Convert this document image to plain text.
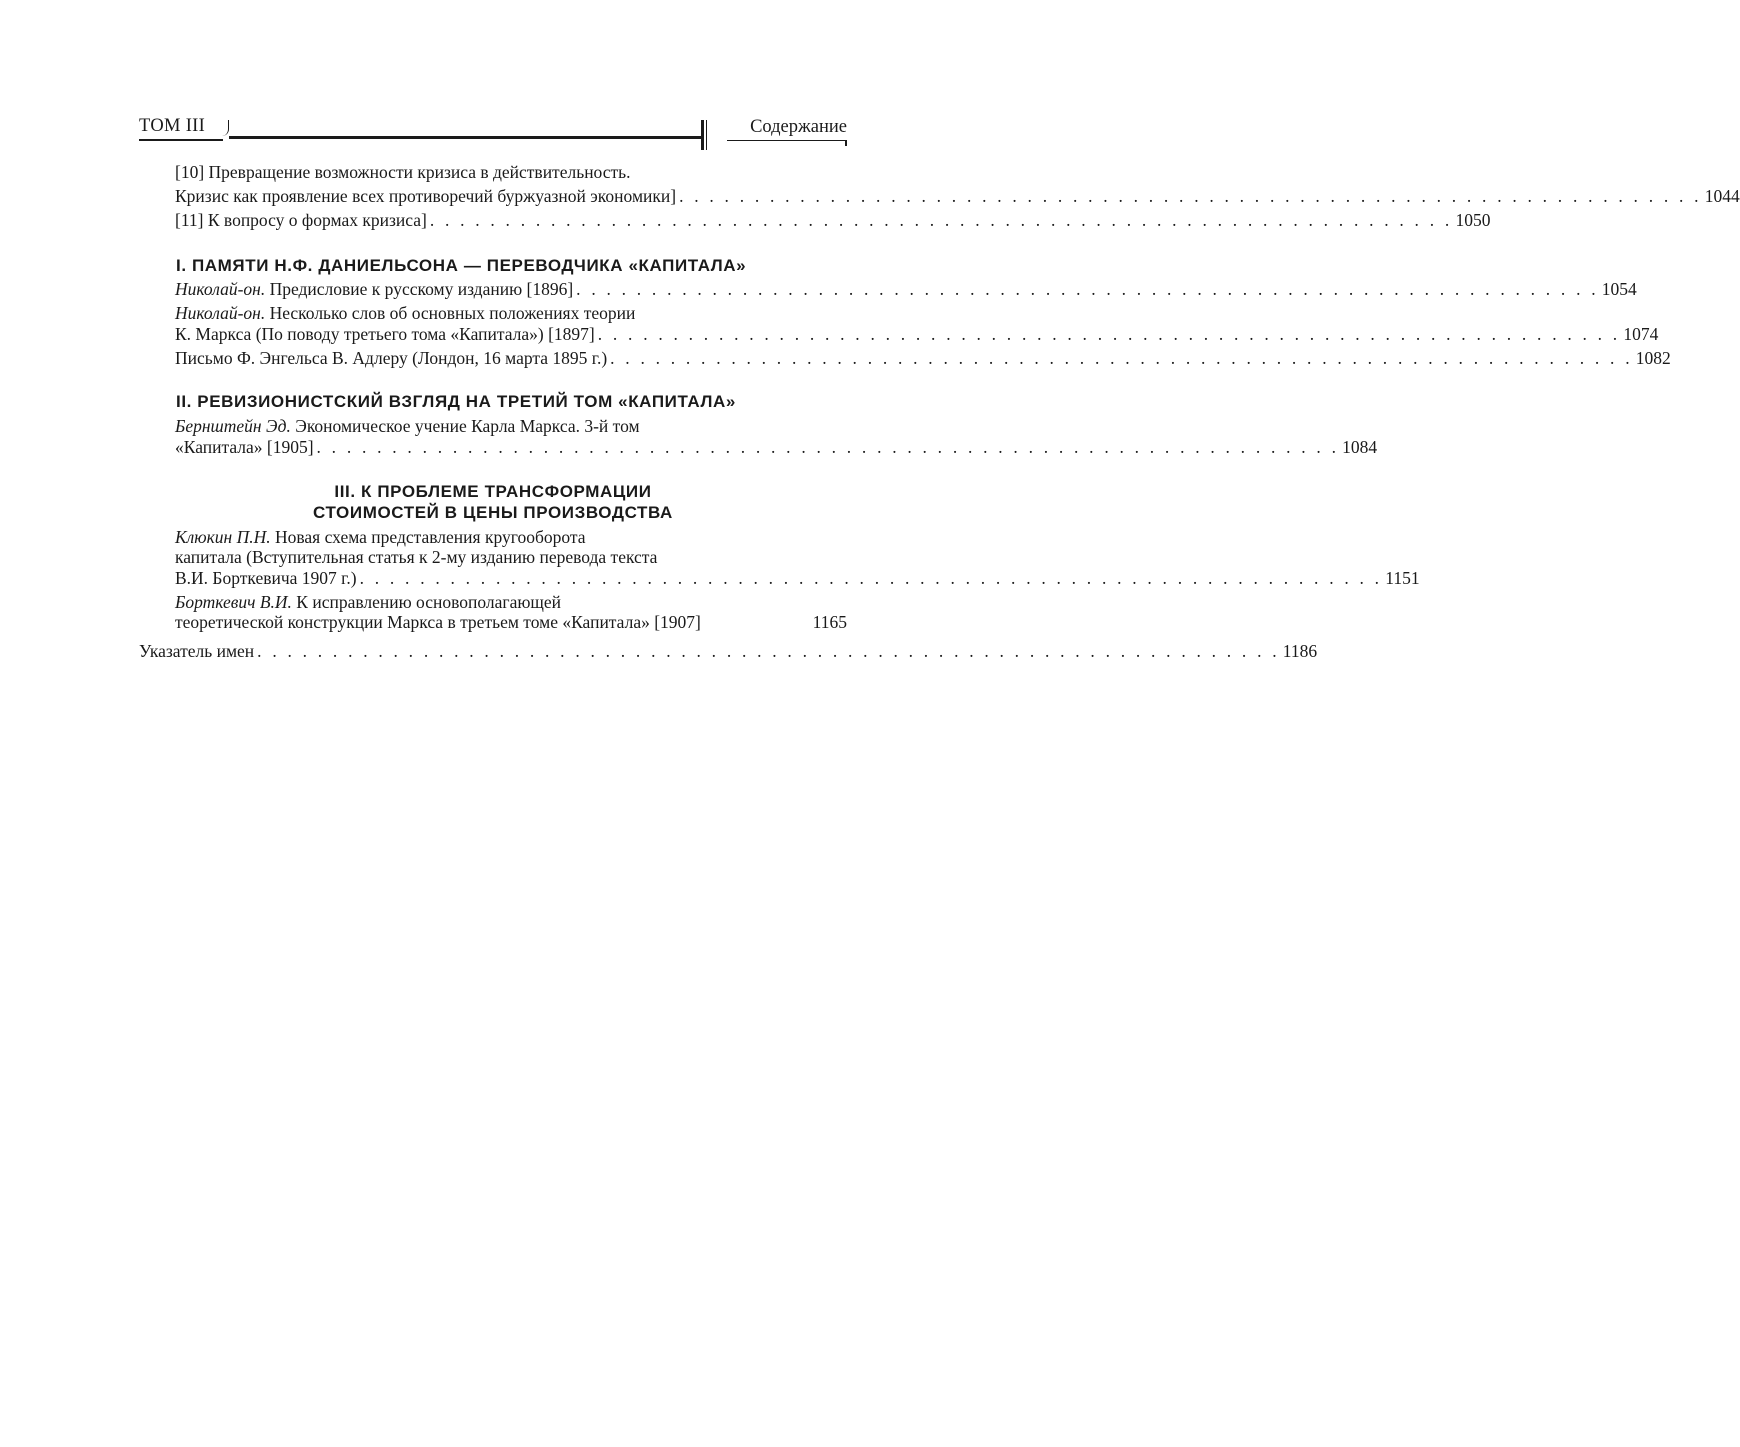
ТОМ III	Содержание
[10] Превращение возможности кризиса в действительность.
Кризис как проявление всех противоречий буржуазной экономики] . . . . . . . . . . . . . . . . . . . . . . . . . . . . . . . . . . . . . . . . . . . . . . . . . . . . . . . . . . . . . . . . . . . . 1044
[11] К вопросу о формах кризиса] . . . . . . . . . . . . . . . . . . . . . . . . . . . . . . . . . . . . . . . . . . . . . . . . . . . . . . . . . . . . . . . . . . . . 1050
I. ПАМЯТИ Н.Ф. ДАНИЕЛЬСОНА — ПЕРЕВОДЧИКА «КАПИТАЛА»
Николай-он. Предисловие к русскому изданию [1896] . . . . . . . . . . . . . . . . . . . . . . . . . . . . . . . . . . . . . . . . . . . . . . . . . . . . . . . . . . . . . . . . . . . . 1054
Николай-он. Несколько слов об основных положениях теории
К. Маркса (По поводу третьего тома «Капитала») [1897] . . . . . . . . . . . . . . . . . . . . . . . . . . . . . . . . . . . . . . . . . . . . . . . . . . . . . . . . . . . . . . . . . . . . 1074
Письмо Ф. Энгельса В. Адлеру (Лондон, 16 марта 1895 г.) . . . . . . . . . . . . . . . . . . . . . . . . . . . . . . . . . . . . . . . . . . . . . . . . . . . . . . . . . . . . . . . . . . . . 1082
II. РЕВИЗИОНИСТСКИЙ ВЗГЛЯД НА ТРЕТИЙ ТОМ «КАПИТАЛА»
Бернштейн Эд. Экономическое учение Карла Маркса. 3-й том
«Капитала» [1905] . . . . . . . . . . . . . . . . . . . . . . . . . . . . . . . . . . . . . . . . . . . . . . . . . . . . . . . . . . . . . . . . . . . . 1084
III. К ПРОБЛЕМЕ ТРАНСФОРМАЦИИ
СТОИМОСТЕЙ В ЦЕНЫ ПРОИЗВОДСТВА
Клюкин П.Н. Новая схема представления кругооборота
капитала (Вступительная статья к 2-му изданию перевода текста
В.И. Борткевича 1907 г.) . . . . . . . . . . . . . . . . . . . . . . . . . . . . . . . . . . . . . . . . . . . . . . . . . . . . . . . . . . . . . . . . . . . . 1151
Борткевич В.И. К исправлению основополагающей
теоретической конструкции Маркса в третьем томе «Капитала» [1907]	1165
Указатель имен . . . . . . . . . . . . . . . . . . . . . . . . . . . . . . . . . . . . . . . . . . . . . . . . . . . . . . . . . . . . . . . . . . . . 1186
